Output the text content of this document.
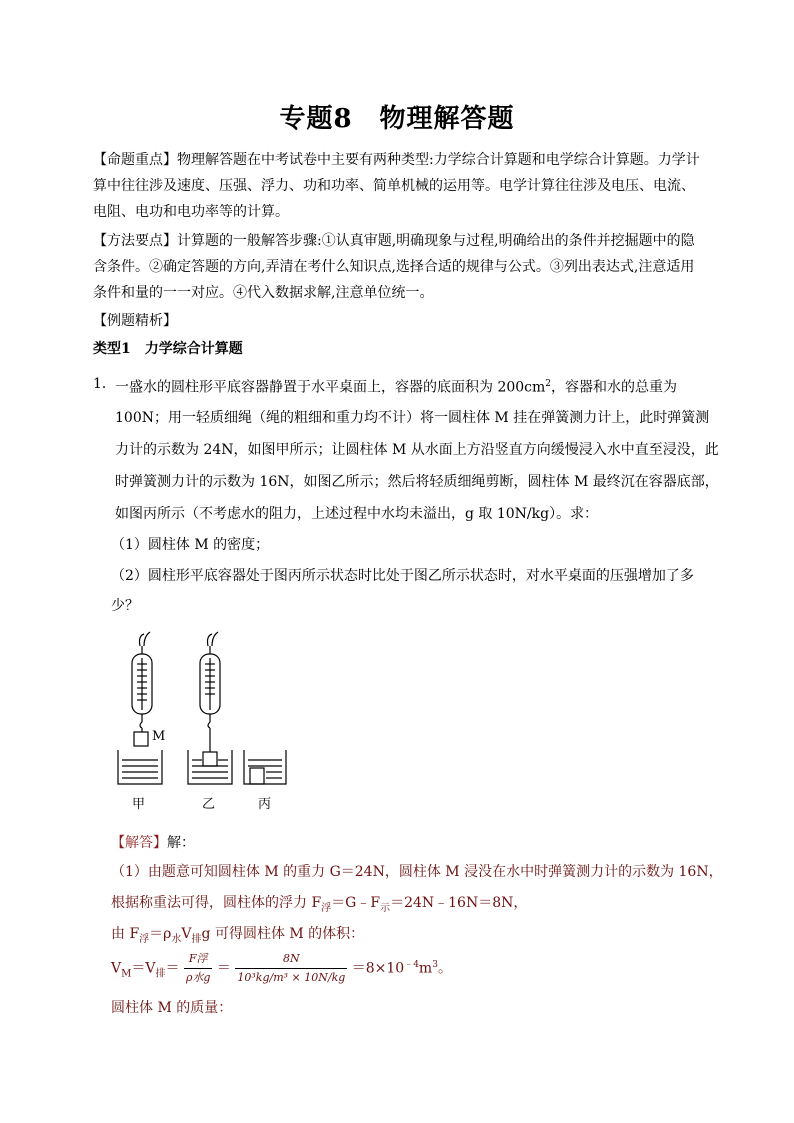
专题8　物理解答题
【命题重点】物理解答题在中考试卷中主要有两种类型:力学综合计算题和电学综合计算题。力学计
算中往往涉及速度、压强、浮力、功和功率、简单机械的运用等。电学计算往往涉及电压、电流、
电阻、电功和电功率等的计算。
【方法要点】计算题的一般解答步骤:①认真审题,明确现象与过程,明确给出的条件并挖掘题中的隐
含条件。②确定答题的方向,弄清在考什么知识点,选择合适的规律与公式。③列出表达式,注意适用
条件和量的一一对应。④代入数据求解,注意单位统一。
【例题精析】
类型1　力学综合计算题
1． 一盛水的圆柱形平底容器静置于水平桌面上，容器的底面积为 $200cm^2$，容器和水的总重为
100N；用一轻质细绳（绳的粗细和重力均不计）将一圆柱体 M 挂在弹簧测力计上，此时弹簧测
力计的示数为 24N，如图甲所示；让圆柱体 M 从水面上方沿竖直方向缓慢浸入水中直至浸没，此
时弹簧测力计的示数为 16N，如图乙所示；然后将轻质细绳剪断，圆柱体 M 最终沉在容器底部，
如图丙所示（不考虑水的阻力，上述过程中水均未溢出，g 取 10N/kg）。求：
（1）圆柱体 M 的密度；
（2）圆柱形平底容器处于图丙所示状态时比处于图乙所示状态时，对水平桌面的压强增加了多
少？
M
甲	乙	丙
【解答】解：
（1）由题意可知圆柱体 M 的重力 G＝24N，圆柱体 M 浸没在水中时弹簧测力计的示数为 16N，
根据称重法可得，圆柱体的浮力 $F_浮=G﹣F_示=24N﹣16N=8N$，
由 $F_浮=\rho_水V_排g$ 可得圆柱体 M 的体积：
$V_M=V_排= \frac{\text{F浮}}{\text{ρ水g}} = \frac{8N}{\text{10³kg/m³ × 10N/kg}} =8\times 10^{﹣4}m^3$。
圆柱体 M 的质量：
